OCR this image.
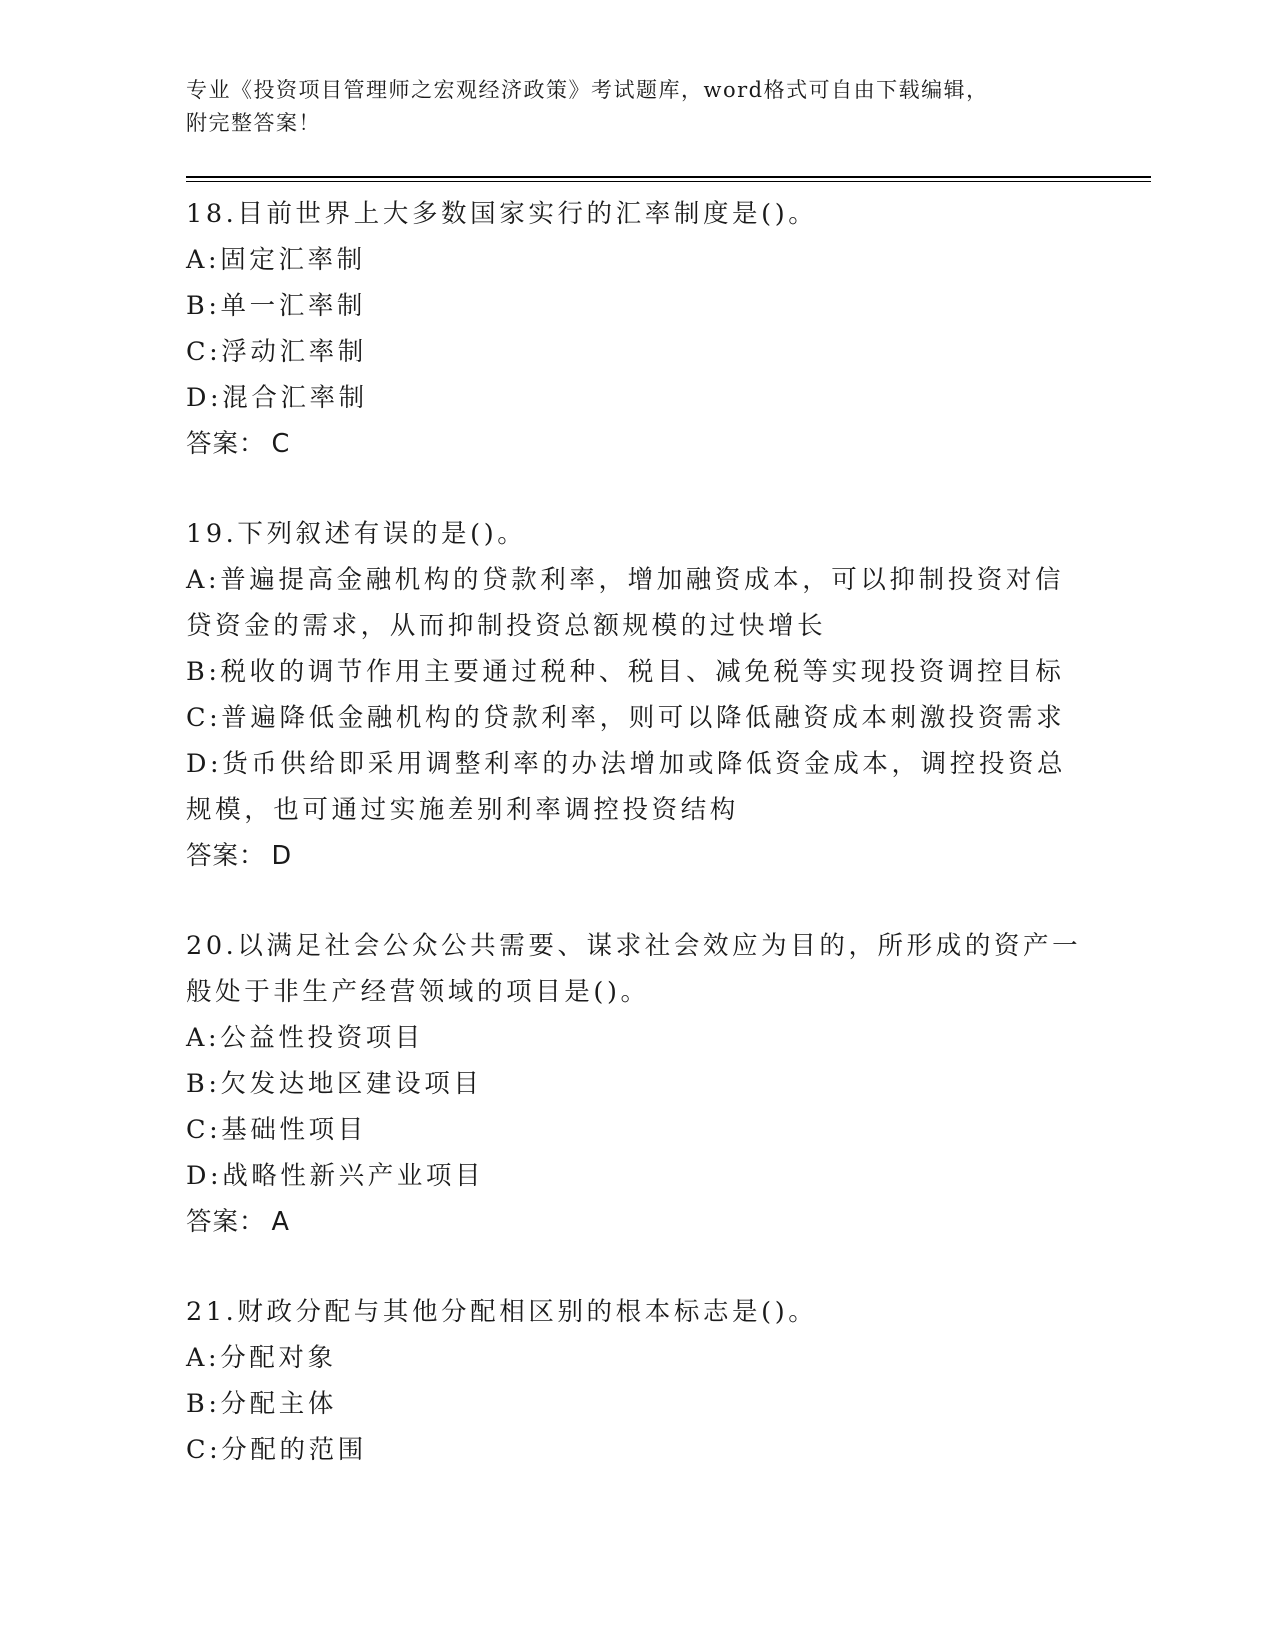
专业《投资项目管理师之宏观经济政策》考试题库，word格式可自由下载编辑，
附完整答案！

18.目前世界上大多数国家实行的汇率制度是()。

A:固定汇率制

B:单一汇率制

C:浮动汇率制

D:混合汇率制

答案： C

19.下列叙述有误的是()。

A:普遍提高金融机构的贷款利率，增加融资成本，可以抑制投资对信贷资金的需求，从而抑制投资总额规模的过快增长

B:税收的调节作用主要通过税种、税目、减免税等实现投资调控目标

C:普遍降低金融机构的贷款利率，则可以降低融资成本刺激投资需求

D:货币供给即采用调整利率的办法增加或降低资金成本，调控投资总规模，也可通过实施差别利率调控投资结构

答案： D

20.以满足社会公众公共需要、谋求社会效应为目的，所形成的资产一般处于非生产经营领域的项目是()。

A:公益性投资项目

B:欠发达地区建设项目

C:基础性项目

D:战略性新兴产业项目

答案： A

21.财政分配与其他分配相区别的根本标志是()。

A:分配对象

B:分配主体

C:分配的范围
